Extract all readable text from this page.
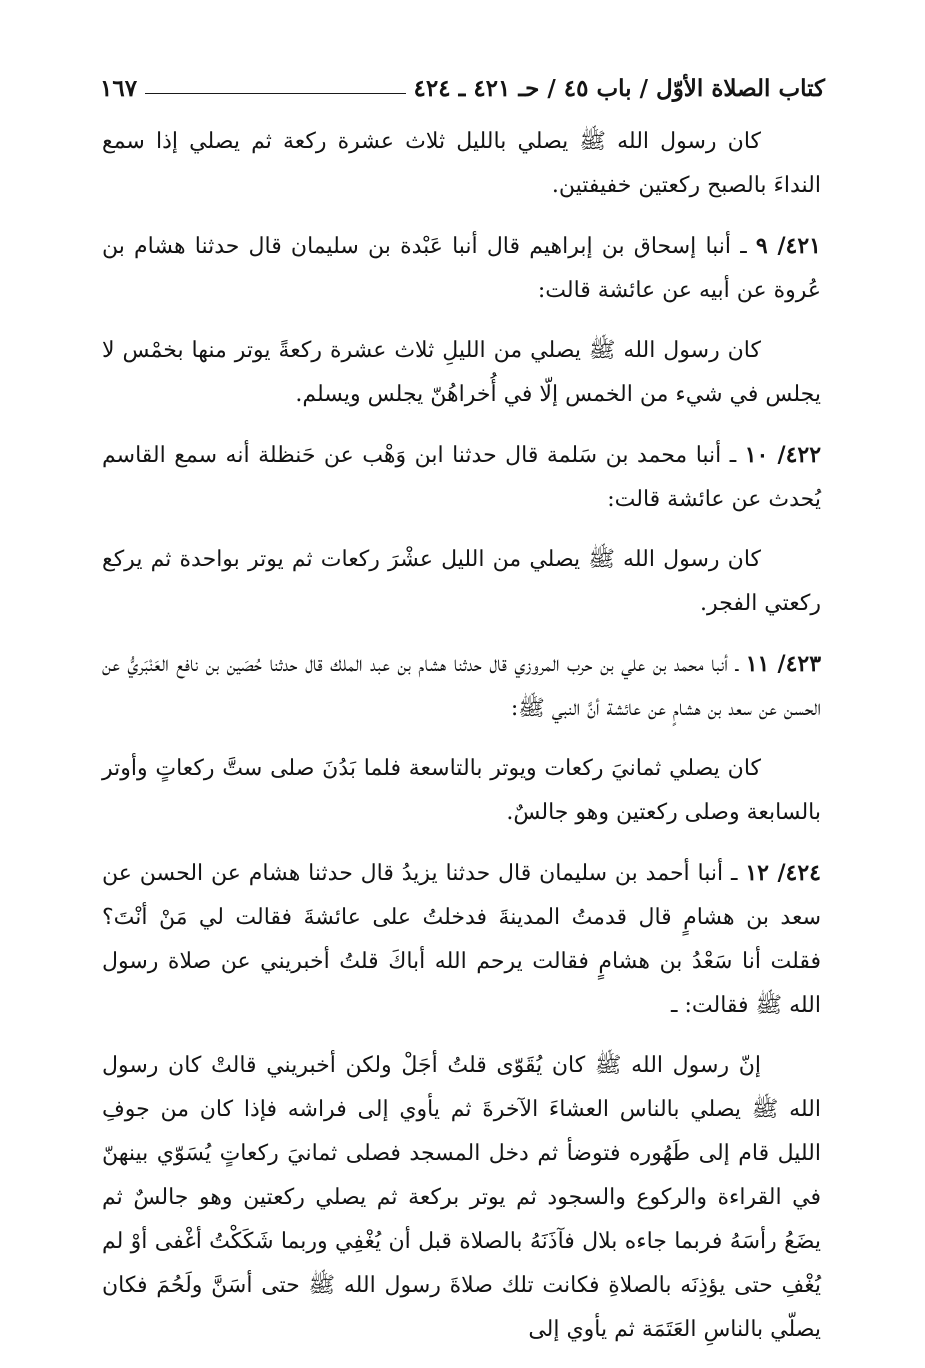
كتاب الصلاة الأوّل / باب ٤٥ / حـ ٤٢١ ـ ٤٢٤
١٦٧

كان رسول الله ﷺ يصلي بالليل ثلاث عشرة ركعة ثم يصلي إذا سمع النداءَ بالصبح ركعتين خفيفتين.

٤٢١/ ٩ ـ أنبا إسحاق بن إبراهيم قال أنبا عَبْدة بن سليمان قال حدثنا هشام بن عُروة عن أبيه عن عائشة قالت:

كان رسول الله ﷺ يصلي من الليلِ ثلاث عشرة ركعةً يوتر منها بخمْس لا يجلس في شيء من الخمس إلّا في أُخراهُنّ يجلس ويسلم.

٤٢٢/ ١٠ ـ أنبا محمد بن سَلمة قال حدثنا ابن وَهْب عن حَنظلة أنه سمع القاسم يُحدث عن عائشة قالت:

كان رسول الله ﷺ يصلي من الليل عشْرَ ركعات ثم يوتر بواحدة ثم يركع ركعتي الفجر.

٤٢٣/ ١١ ـ أنبا محمد بن علي بن حرب المروزي قال حدثنا هشام بن عبد الملك قال حدثنا حُصَين بن نافع العَنْبَريُّ عن الحسن عن سعد بن هشامٍ عن عائشة أنَّ النبي ﷺ:

كان يصلي ثمانيَ ركعات ويوتر بالتاسعة فلما بَدُنَ صلى ستَّ ركعاتٍ وأوتر بالسابعة وصلى ركعتين وهو جالسٌ.

٤٢٤/ ١٢ ـ أنبا أحمد بن سليمان قال حدثنا يزيدُ قال حدثنا هشام عن الحسن عن سعد بن هشامٍ قال قدمتُ المدينةَ فدخلتُ على عائشةَ فقالت لي مَنْ أنْتَ؟ فقلت أنا سَعْدُ بن هشامٍ فقالت يرحم الله أباكَ قلتُ أخبريني عن صلاة رسول الله ﷺ فقالت: ـ

إنّ رسول الله ﷺ كان يُقَوّى قلتُ أجَلْ ولكن أخبريني قالتْ كان رسول الله ﷺ يصلي بالناس العشاءَ الآخرةَ ثم يأوي إلى فراشه فإذا كان من جوفِ الليل قام إلى طَهُوره فتوضأ ثم دخل المسجد فصلى ثمانيَ ركعاتٍ يُسَوّي بينهنّ في القراءة والركوع والسجود ثم يوتر بركعة ثم يصلي ركعتين وهو جالسٌ ثم يضَعُ رأسَهُ فربما جاءه بلال فآذَنَهُ بالصلاة قبل أن يُغْفِي وربما شَكَكْتُ أغْفى أوْ لم يُغْفِ حتى يؤذِنَه بالصلاةِ فكانت تلك صلاةَ رسول الله ﷺ حتى أسَنَّ ولَحُمَ فكان يصلّي بالناسِ العَتَمَة ثم يأوي إلى
